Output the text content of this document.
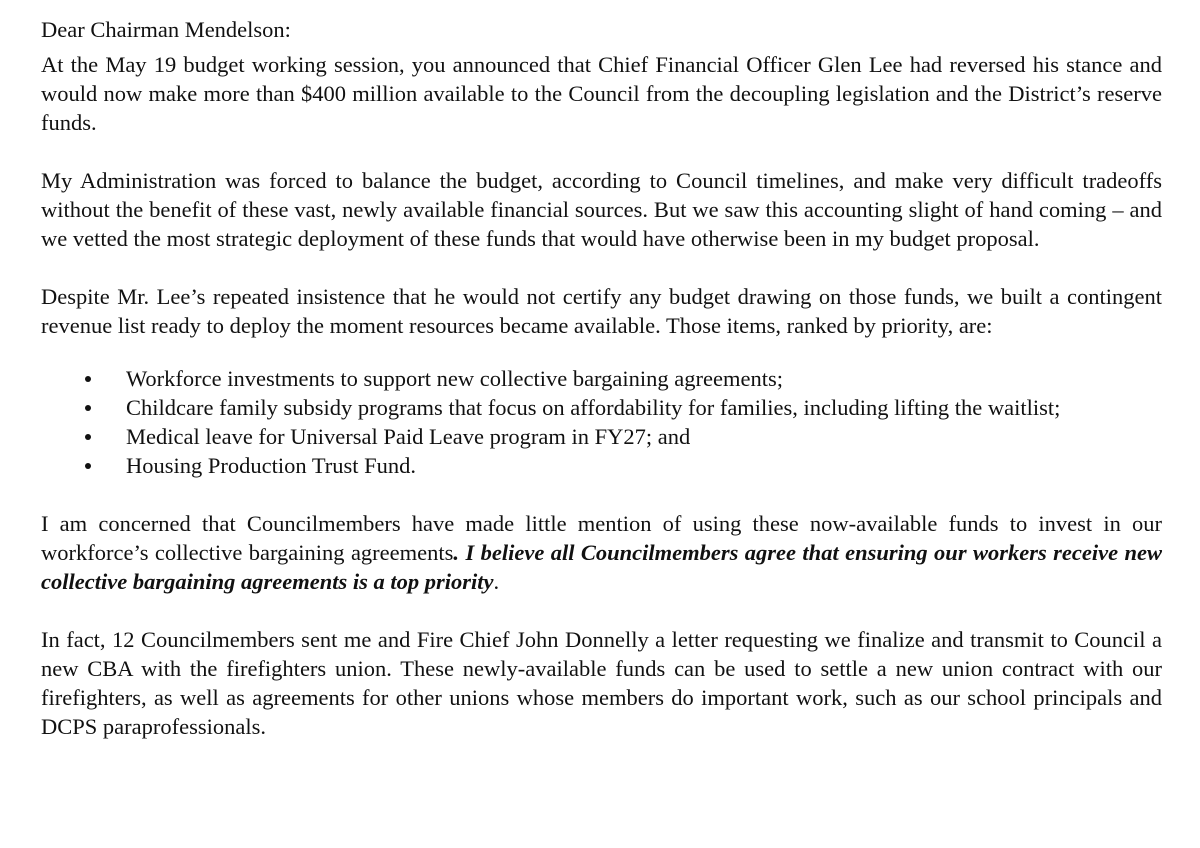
Dear Chairman Mendelson:

At the May 19 budget working session, you announced that Chief Financial Officer Glen Lee had reversed his stance and would now make more than $400 million available to the Council from the decoupling legislation and the District’s reserve funds.

My Administration was forced to balance the budget, according to Council timelines, and make very difficult tradeoffs without the benefit of these vast, newly available financial sources. But we saw this accounting slight of hand coming – and we vetted the most strategic deployment of these funds that would have otherwise been in my budget proposal.

Despite Mr. Lee’s repeated insistence that he would not certify any budget drawing on those funds, we built a contingent revenue list ready to deploy the moment resources became available. Those items, ranked by priority, are:

Workforce investments to support new collective bargaining agreements;
Childcare family subsidy programs that focus on affordability for families, including lifting the waitlist;
Medical leave for Universal Paid Leave program in FY27; and
Housing Production Trust Fund.

I am concerned that Councilmembers have made little mention of using these now-available funds to invest in our workforce’s collective bargaining agreements. I believe all Councilmembers agree that ensuring our workers receive new collective bargaining agreements is a top priority.

In fact, 12 Councilmembers sent me and Fire Chief John Donnelly a letter requesting we finalize and transmit to Council a new CBA with the firefighters union. These newly-available funds can be used to settle a new union contract with our firefighters, as well as agreements for other unions whose members do important work, such as our school principals and DCPS paraprofessionals.
